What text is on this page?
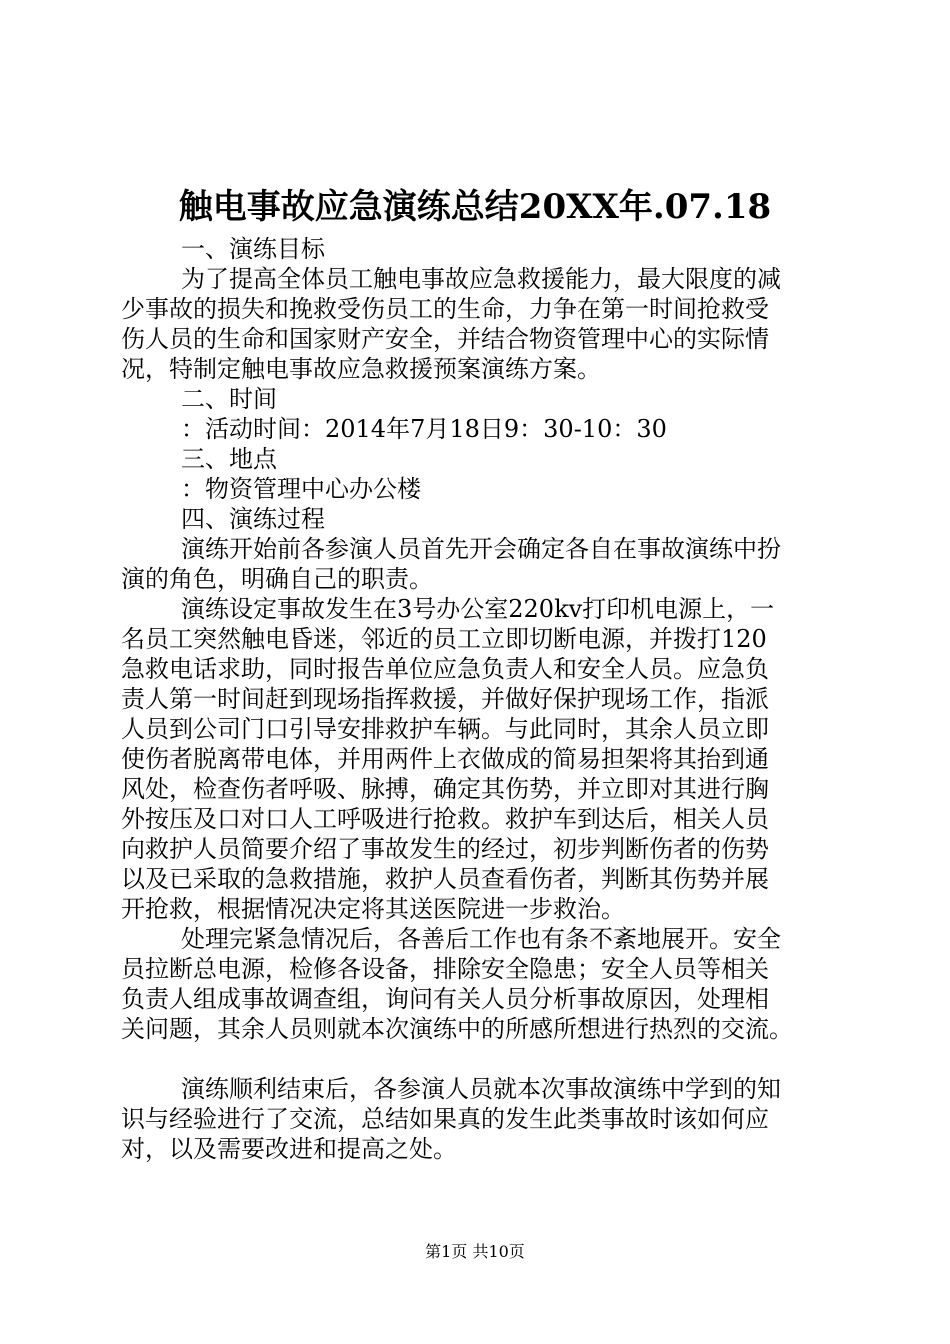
触电事故应急演练总结20XX年.07.18
一、演练目标
为了提高全体员工触电事故应急救援能力，最大限度的减
少事故的损失和挽救受伤员工的生命，力争在第一时间抢救受
伤人员的生命和国家财产安全，并结合物资管理中心的实际情
况，特制定触电事故应急救援预案演练方案。
二、时间
：活动时间：2014年7月18日9：30-10：30
三、地点
：物资管理中心办公楼
四、演练过程
演练开始前各参演人员首先开会确定各自在事故演练中扮
演的角色，明确自己的职责。
演练设定事故发生在3号办公室220kv打印机电源上，一
名员工突然触电昏迷，邻近的员工立即切断电源，并拨打120
急救电话求助，同时报告单位应急负责人和安全人员。应急负
责人第一时间赶到现场指挥救援，并做好保护现场工作，指派
人员到公司门口引导安排救护车辆。与此同时，其余人员立即
使伤者脱离带电体，并用两件上衣做成的简易担架将其抬到通
风处，检查伤者呼吸、脉搏，确定其伤势，并立即对其进行胸
外按压及口对口人工呼吸进行抢救。救护车到达后，相关人员
向救护人员简要介绍了事故发生的经过，初步判断伤者的伤势
以及已采取的急救措施，救护人员查看伤者，判断其伤势并展
开抢救，根据情况决定将其送医院进一步救治。
处理完紧急情况后，各善后工作也有条不紊地展开。安全
员拉断总电源，检修各设备，排除安全隐患；安全人员等相关
负责人组成事故调查组，询问有关人员分析事故原因，处理相
关问题，其余人员则就本次演练中的所感所想进行热烈的交流。
演练顺利结束后，各参演人员就本次事故演练中学到的知
识与经验进行了交流，总结如果真的发生此类事故时该如何应
对，以及需要改进和提高之处。
第1页 共10页
